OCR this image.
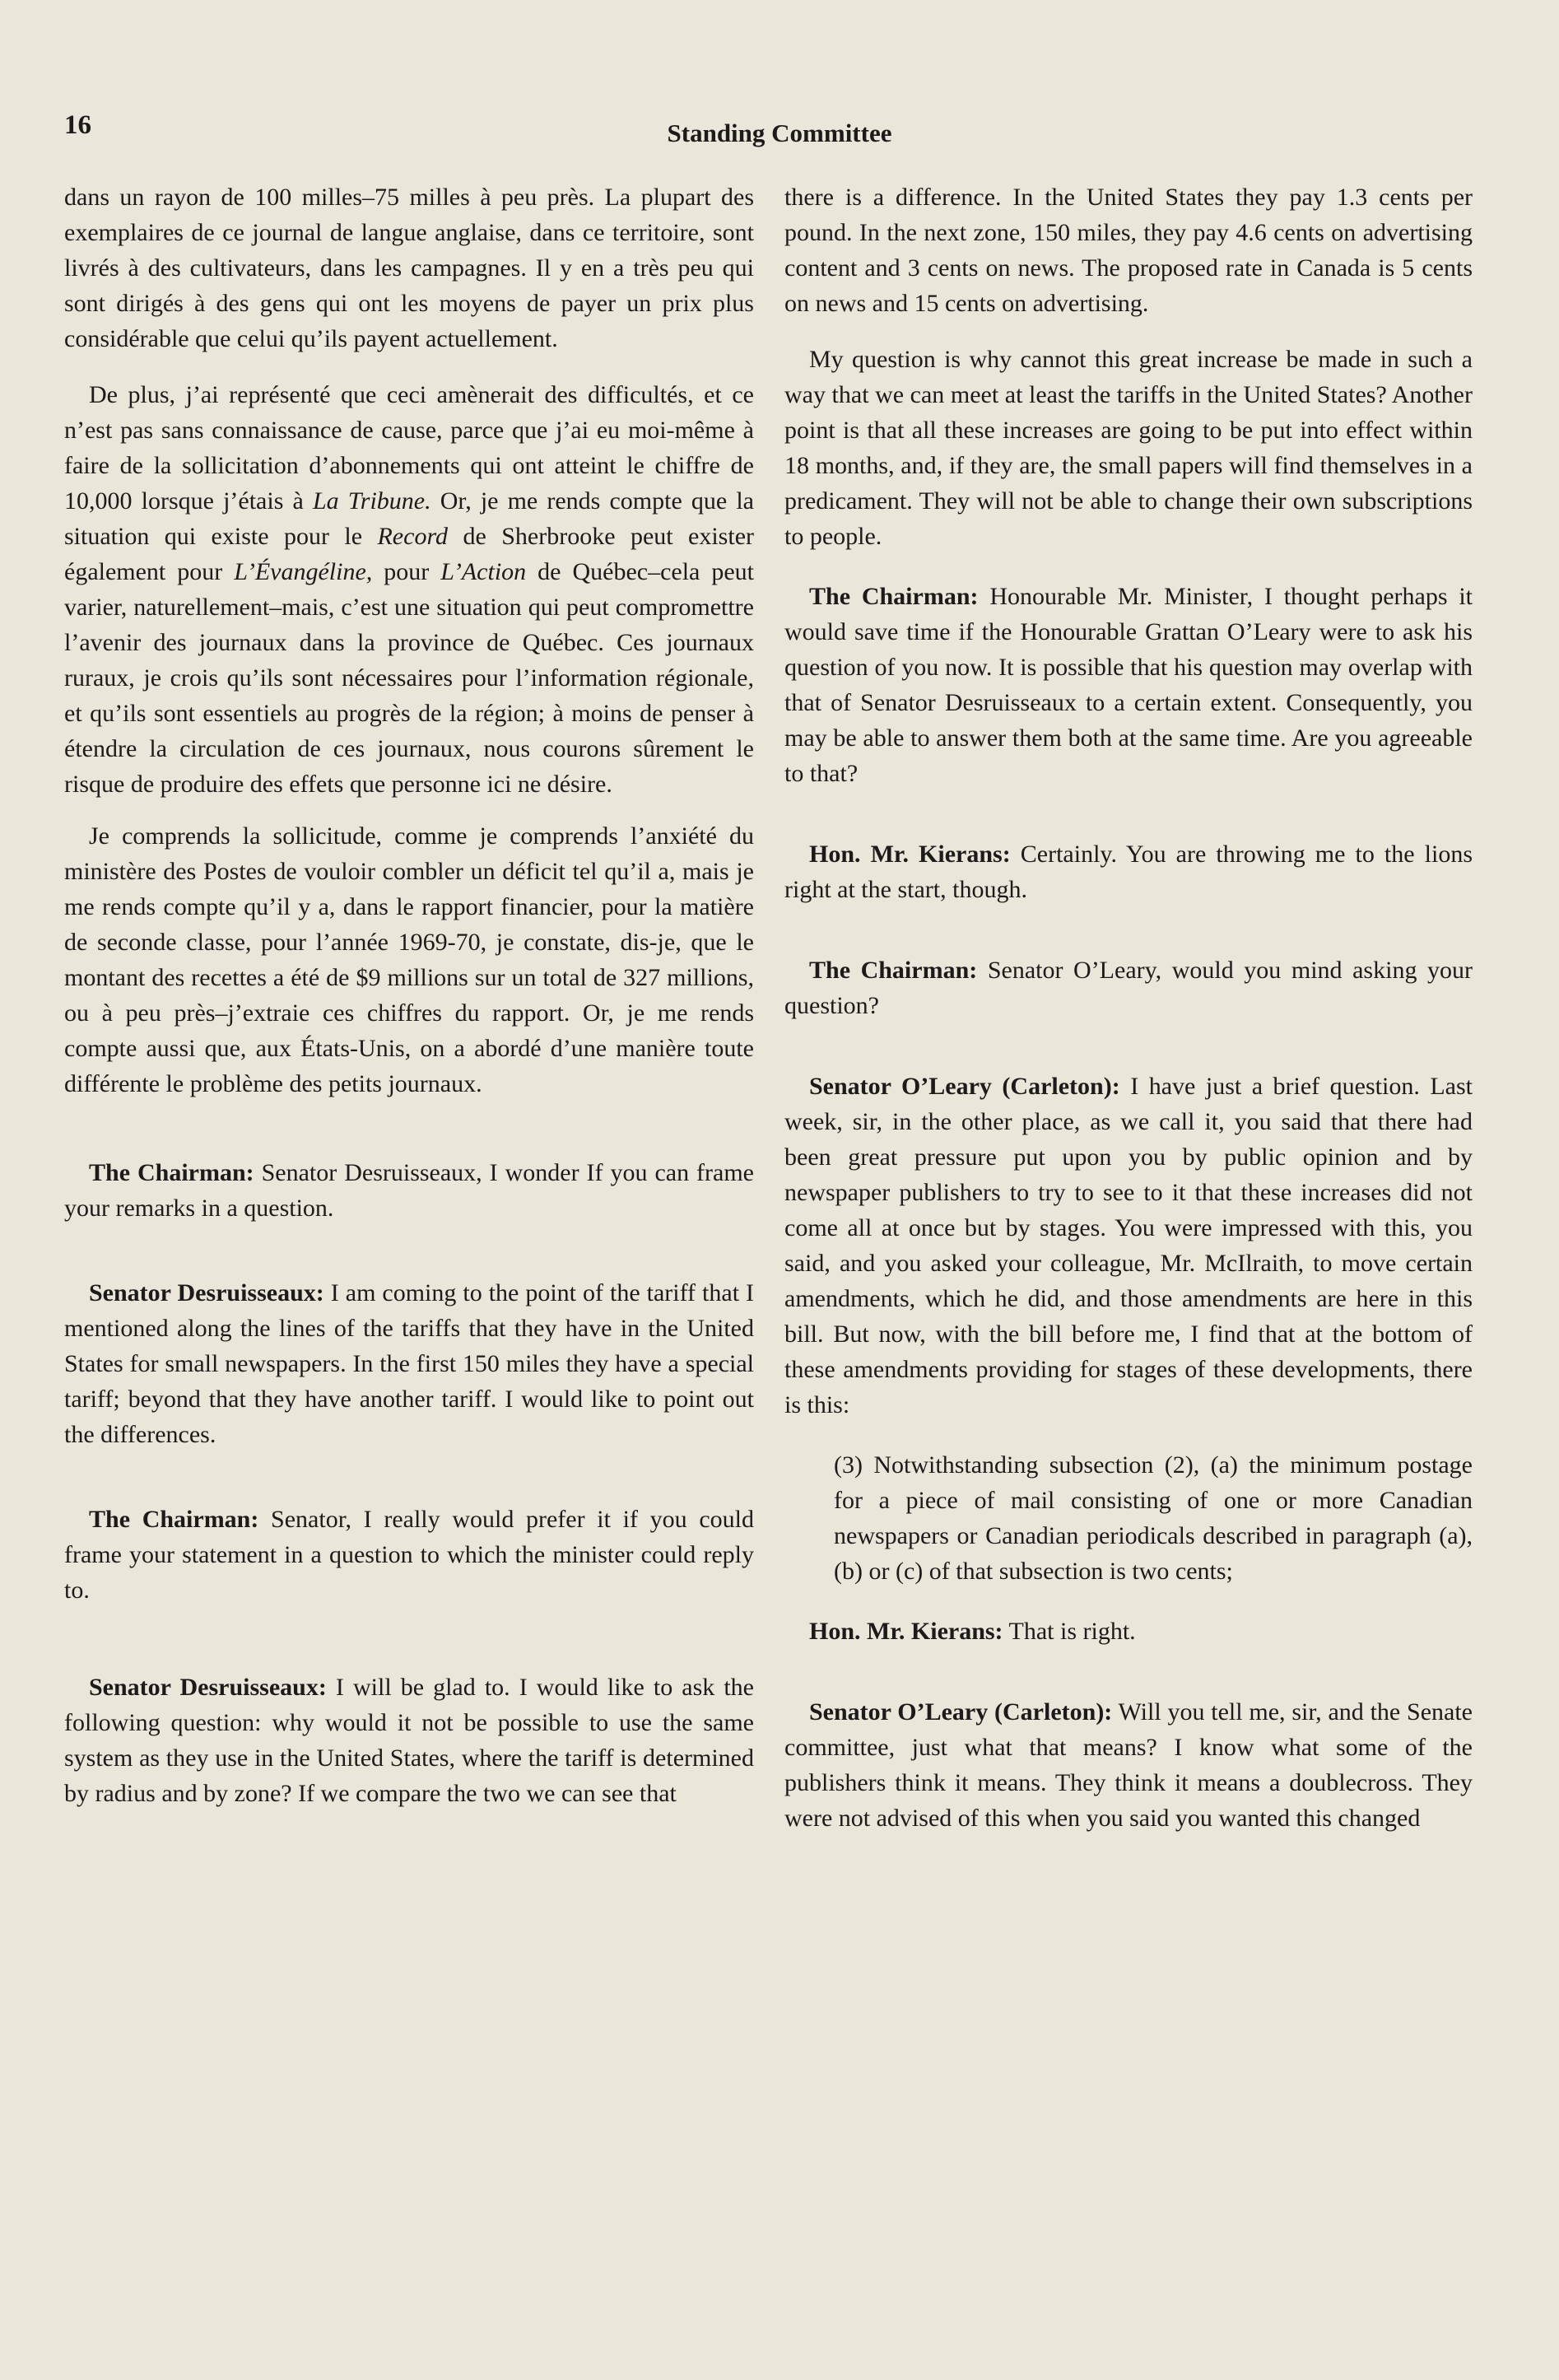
16	Standing Committee

dans un rayon de 100 milles–75 milles à peu près. La plupart des exemplaires de ce journal de langue anglaise, dans ce territoire, sont livrés à des cultivateurs, dans les campagnes. Il y en a très peu qui sont dirigés à des gens qui ont les moyens de payer un prix plus considérable que celui qu’ils payent actuellement.

De plus, j’ai représenté que ceci amènerait des difficultés, et ce n’est pas sans connaissance de cause, parce que j’ai eu moi-même à faire de la sollicitation d’abonnements qui ont atteint le chiffre de 10,000 lorsque j’étais à La Tribune. Or, je me rends compte que la situation qui existe pour le Record de Sherbrooke peut exister également pour L’Évangéline, pour L’Action de Québec–cela peut varier, naturellement–mais, c’est une situation qui peut compromettre l’avenir des journaux dans la province de Québec. Ces journaux ruraux, je crois qu’ils sont nécessaires pour l’information régionale, et qu’ils sont essentiels au progrès de la région; à moins de penser à étendre la circulation de ces journaux, nous courons sûrement le risque de produire des effets que personne ici ne désire.

Je comprends la sollicitude, comme je comprends l’anxiété du ministère des Postes de vouloir combler un déficit tel qu’il a, mais je me rends compte qu’il y a, dans le rapport financier, pour la matière de seconde classe, pour l’année 1969-70, je constate, dis-je, que le montant des recettes a été de $9 millions sur un total de 327 millions, ou à peu près–j’extraie ces chiffres du rapport. Or, je me rends compte aussi que, aux États-Unis, on a abordé d’une manière toute différente le problème des petits journaux.

The Chairman: Senator Desruisseaux, I wonder If you can frame your remarks in a question.

Senator Desruisseaux: I am coming to the point of the tariff that I mentioned along the lines of the tariffs that they have in the United States for small newspapers. In the first 150 miles they have a special tariff; beyond that they have another tariff. I would like to point out the differences.

The Chairman: Senator, I really would prefer it if you could frame your statement in a question to which the minister could reply to.

Senator Desruisseaux: I will be glad to. I would like to ask the following question: why would it not be possible to use the same system as they use in the United States, where the tariff is determined by radius and by zone? If we compare the two we can see that

there is a difference. In the United States they pay 1.3 cents per pound. In the next zone, 150 miles, they pay 4.6 cents on advertising content and 3 cents on news. The proposed rate in Canada is 5 cents on news and 15 cents on advertising.

My question is why cannot this great increase be made in such a way that we can meet at least the tariffs in the United States? Another point is that all these increases are going to be put into effect within 18 months, and, if they are, the small papers will find themselves in a predicament. They will not be able to change their own subscriptions to people.

The Chairman: Honourable Mr. Minister, I thought perhaps it would save time if the Honourable Grattan O’Leary were to ask his question of you now. It is possible that his question may overlap with that of Senator Desruisseaux to a certain extent. Consequently, you may be able to answer them both at the same time. Are you agreeable to that?

Hon. Mr. Kierans: Certainly. You are throwing me to the lions right at the start, though.

The Chairman: Senator O’Leary, would you mind asking your question?

Senator O’Leary (Carleton): I have just a brief question. Last week, sir, in the other place, as we call it, you said that there had been great pressure put upon you by public opinion and by newspaper publishers to try to see to it that these increases did not come all at once but by stages. You were impressed with this, you said, and you asked your colleague, Mr. McIlraith, to move certain amendments, which he did, and those amendments are here in this bill. But now, with the bill before me, I find that at the bottom of these amendments providing for stages of these developments, there is this:

(3) Notwithstanding subsection (2), (a) the minimum postage for a piece of mail consisting of one or more Canadian newspapers or Canadian periodicals described in paragraph (a), (b) or (c) of that subsection is two cents;

Hon. Mr. Kierans: That is right.

Senator O’Leary (Carleton): Will you tell me, sir, and the Senate committee, just what that means? I know what some of the publishers think it means. They think it means a doublecross. They were not advised of this when you said you wanted this changed
